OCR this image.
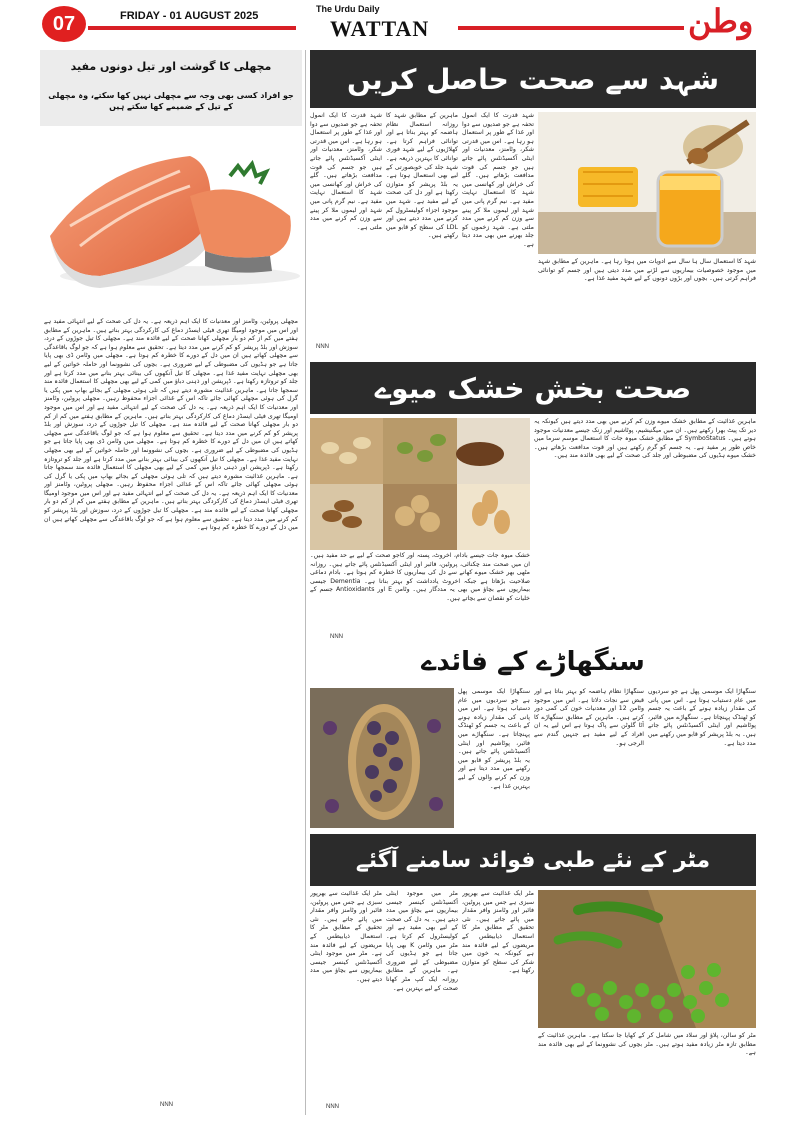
07	FRIDAY - 01 AUGUST 2025
The Urdu Daily
WATTAN	وطن
مچھلی کا گوشت اور تیل دونوں مفید
جو افراد کسی بھی وجہ سے مچھلی نہیں کھا سکتے، وہ مچھلی کے تیل کے ضمیمے کھا سکتے ہیں
مچھلی پروٹین، وٹامنز اور معدنیات کا ایک اہم ذریعہ ہے۔ یہ دل کی صحت کے لیے انتہائی مفید ہے اور اس میں موجود اومیگا تھری فیٹی ایسڈز دماغ کی کارکردگی بہتر بناتے ہیں۔ ماہرین کے مطابق ہفتے میں کم از کم دو بار مچھلی کھانا صحت کے لیے فائدہ مند ہے۔ مچھلی کا تیل جوڑوں کے درد، سوزش اور بلڈ پریشر کو کم کرنے میں مدد دیتا ہے۔ تحقیق سے معلوم ہوا ہے کہ جو لوگ باقاعدگی سے مچھلی کھاتے ہیں ان میں دل کے دورے کا خطرہ کم ہوتا ہے۔ مچھلی میں وٹامن ڈی بھی پایا جاتا ہے جو ہڈیوں کی مضبوطی کے لیے ضروری ہے۔ بچوں کی نشوونما اور حاملہ خواتین کے لیے بھی مچھلی نہایت مفید غذا ہے۔ مچھلی کا تیل آنکھوں کی بینائی بہتر بنانے میں مدد کرتا ہے اور جلد کو تروتازہ رکھتا ہے۔ ڈپریشن اور ذہنی دباؤ میں کمی کے لیے بھی مچھلی کا استعمال فائدہ مند سمجھا جاتا ہے۔ ماہرین غذائیت مشورہ دیتے ہیں کہ تلی ہوئی مچھلی کے بجائے بھاپ میں پکی یا گرل کی ہوئی مچھلی کھائی جائے تاکہ اس کے غذائی اجزاء محفوظ رہیں۔ مچھلی پروٹین، وٹامنز اور معدنیات کا ایک اہم ذریعہ ہے۔ یہ دل کی صحت کے لیے انتہائی مفید ہے اور اس میں موجود اومیگا تھری فیٹی ایسڈز دماغ کی کارکردگی بہتر بناتے ہیں۔ ماہرین کے مطابق ہفتے میں کم از کم دو بار مچھلی کھانا صحت کے لیے فائدہ مند ہے۔ مچھلی کا تیل جوڑوں کے درد، سوزش اور بلڈ پریشر کو کم کرنے میں مدد دیتا ہے۔ تحقیق سے معلوم ہوا ہے کہ جو لوگ باقاعدگی سے مچھلی کھاتے ہیں ان میں دل کے دورے کا خطرہ کم ہوتا ہے۔ مچھلی میں وٹامن ڈی بھی پایا جاتا ہے جو ہڈیوں کی مضبوطی کے لیے ضروری ہے۔ بچوں کی نشوونما اور حاملہ خواتین کے لیے بھی مچھلی نہایت مفید غذا ہے۔ مچھلی کا تیل آنکھوں کی بینائی بہتر بنانے میں مدد کرتا ہے اور جلد کو تروتازہ رکھتا ہے۔ ڈپریشن اور ذہنی دباؤ میں کمی کے لیے بھی مچھلی کا استعمال فائدہ مند سمجھا جاتا ہے۔ ماہرین غذائیت مشورہ دیتے ہیں کہ تلی ہوئی مچھلی کے بجائے بھاپ میں پکی یا گرل کی ہوئی مچھلی کھائی جائے تاکہ اس کے غذائی اجزاء محفوظ رہیں۔ مچھلی پروٹین، وٹامنز اور معدنیات کا ایک اہم ذریعہ ہے۔ یہ دل کی صحت کے لیے انتہائی مفید ہے اور اس میں موجود اومیگا تھری فیٹی ایسڈز دماغ کی کارکردگی بہتر بناتے ہیں۔ ماہرین کے مطابق ہفتے میں کم از کم دو بار مچھلی کھانا صحت کے لیے فائدہ مند ہے۔ مچھلی کا تیل جوڑوں کے درد، سوزش اور بلڈ پریشر کو کم کرنے میں مدد دیتا ہے۔ تحقیق سے معلوم ہوا ہے کہ جو لوگ باقاعدگی سے مچھلی کھاتے ہیں ان میں دل کے دورے کا خطرہ کم ہوتا ہے۔
NNN
شہد سے صحت حاصل کریں
شہد قدرت کا ایک انمول تحفہ ہے جو صدیوں سے دوا اور غذا کے طور پر استعمال ہو رہا ہے۔ اس میں قدرتی شکر، وٹامنز، معدنیات اور اینٹی آکسیڈنٹس پائے جاتے ہیں جو جسم کی قوت مدافعت بڑھاتے ہیں۔ گلے کی خراش اور کھانسی میں شہد کا استعمال نہایت مفید ہے۔ نیم گرم پانی میں شہد اور لیموں ملا کر پینے سے وزن کم کرنے میں مدد ملتی ہے۔
ماہرین کے مطابق شہد کا روزانہ استعمال نظام ہاضمہ کو بہتر بناتا ہے اور توانائی فراہم کرتا ہے۔ کھلاڑیوں کے لیے شہد فوری توانائی کا بہترین ذریعہ ہے۔ شہد جلد کی خوبصورتی کے لیے بھی استعمال ہوتا ہے۔ یہ بلڈ پریشر کو متوازن رکھتا ہے اور دل کی صحت کے لیے مفید ہے۔ شہد میں موجود اجزاء کولیسٹرول کم کرنے میں مدد دیتے ہیں اور LDL کی سطح کو قابو میں رکھتے ہیں۔
شہد قدرت کا ایک انمول تحفہ ہے جو صدیوں سے دوا اور غذا کے طور پر استعمال ہو رہا ہے۔ اس میں قدرتی شکر، وٹامنز، معدنیات اور اینٹی آکسیڈنٹس پائے جاتے ہیں جو جسم کی قوت مدافعت بڑھاتے ہیں۔ گلے کی خراش اور کھانسی میں شہد کا استعمال نہایت مفید ہے۔ نیم گرم پانی میں شہد اور لیموں ملا کر پینے سے وزن کم کرنے میں مدد ملتی ہے۔ شہد زخموں کو جلد بھرنے میں بھی مدد دیتا ہے۔
NNN
شہد کا استعمال سال ہا سال سے ادویات میں ہوتا رہا ہے۔ ماہرین کے مطابق شہد میں موجود خصوصیات بیماریوں سے لڑنے میں مدد دیتی ہیں اور جسم کو توانائی فراہم کرتی ہیں۔ بچوں اور بڑوں دونوں کے لیے شہد مفید غذا ہے۔
صحت بخش خشک میوے
خشک میوہ جات جیسے بادام، اخروٹ، پستہ اور کاجو صحت کے لیے بے حد مفید ہیں۔ ان میں صحت مند چکنائی، پروٹین، فائبر اور اینٹی آکسیڈنٹس پائے جاتے ہیں۔ روزانہ مٹھی بھر خشک میوے کھانے سے دل کی بیماریوں کا خطرہ کم ہوتا ہے۔ بادام دماغی صلاحیت بڑھاتا ہے جبکہ اخروٹ یادداشت کو بہتر بناتا ہے۔ Dementia جیسی بیماریوں سے بچاؤ میں بھی یہ مددگار ہیں۔ وٹامن E اور Antioxidants جسم کے خلیات کو نقصان سے بچاتے ہیں۔
NNN
ماہرین غذائیت کے مطابق خشک میوے وزن کم کرنے میں بھی مدد دیتے ہیں کیونکہ یہ دیر تک پیٹ بھرا رکھتے ہیں۔ ان میں میگنیشیم، پوٹاشیم اور زنک جیسے معدنیات موجود ہوتے ہیں۔ SymboStatus کے مطابق خشک میوہ جات کا استعمال موسم سرما میں خاص طور پر مفید ہے۔ یہ جسم کو گرم رکھتے ہیں اور قوت مدافعت بڑھاتے ہیں۔ خشک میوے ہڈیوں کی مضبوطی اور جلد کی صحت کے لیے بھی فائدہ مند ہیں۔
سنگھاڑے کے فائدے
سنگھاڑا ایک موسمی پھل ہے جو سردیوں میں عام دستیاب ہوتا ہے۔ اس میں پانی کی مقدار زیادہ ہونے کے باعث یہ جسم کو ٹھنڈک پہنچاتا ہے۔ سنگھاڑے میں فائبر، پوٹاشیم اور اینٹی آکسیڈنٹس پائے جاتے ہیں۔ یہ بلڈ پریشر کو قابو میں رکھنے میں مدد دیتا ہے اور وزن کم کرنے والوں کے لیے بہترین غذا ہے۔
سنگھاڑا نظام ہاضمہ کو بہتر بناتا ہے اور قبض سے نجات دلاتا ہے۔ اس میں موجود وٹامن 12 اور معدنیات خون کی کمی دور کرتے ہیں۔ ماہرین کے مطابق سنگھاڑے کا آٹا گلوٹن سے پاک ہوتا ہے اس لیے یہ ان افراد کے لیے مفید ہے جنہیں گندم سے الرجی ہو۔
سنگھاڑا ایک موسمی پھل ہے جو سردیوں میں عام دستیاب ہوتا ہے۔ اس میں پانی کی مقدار زیادہ ہونے کے باعث یہ جسم کو ٹھنڈک پہنچاتا ہے۔ سنگھاڑے میں فائبر، پوٹاشیم اور اینٹی آکسیڈنٹس پائے جاتے ہیں۔ یہ بلڈ پریشر کو قابو میں رکھنے میں مدد دیتا ہے۔
مٹر کے نئے طبی فوائد سامنے آگئے
مٹر ایک غذائیت سے بھرپور سبزی ہے جس میں پروٹین، فائبر اور وٹامنز وافر مقدار میں پائے جاتے ہیں۔ نئی تحقیق کے مطابق مٹر کا استعمال ذیابیطس کے مریضوں کے لیے فائدہ مند ہے۔ مٹر میں موجود اینٹی آکسیڈنٹس کینسر جیسی بیماریوں سے بچاؤ میں مدد دیتے ہیں۔
مٹر میں موجود اینٹی آکسیڈنٹس کینسر جیسی بیماریوں سے بچاؤ میں مدد دیتے ہیں۔ یہ دل کی صحت کے لیے بھی مفید ہے اور کولیسٹرول کم کرتا ہے۔ مٹر میں وٹامن K بھی پایا جاتا ہے جو ہڈیوں کی مضبوطی کے لیے ضروری ہے۔ ماہرین کے مطابق روزانہ ایک کپ مٹر کھانا صحت کے لیے بہترین ہے۔
مٹر ایک غذائیت سے بھرپور سبزی ہے جس میں پروٹین، فائبر اور وٹامنز وافر مقدار میں پائے جاتے ہیں۔ نئی تحقیق کے مطابق مٹر کا استعمال ذیابیطس کے مریضوں کے لیے فائدہ مند ہے کیونکہ یہ خون میں شکر کی سطح کو متوازن رکھتا ہے۔
NNN
مٹر کو سالن، پلاؤ اور سلاد میں شامل کر کے کھایا جا سکتا ہے۔ ماہرین غذائیت کے مطابق تازہ مٹر زیادہ مفید ہوتے ہیں۔ مٹر بچوں کی نشوونما کے لیے بھی فائدہ مند ہے۔
